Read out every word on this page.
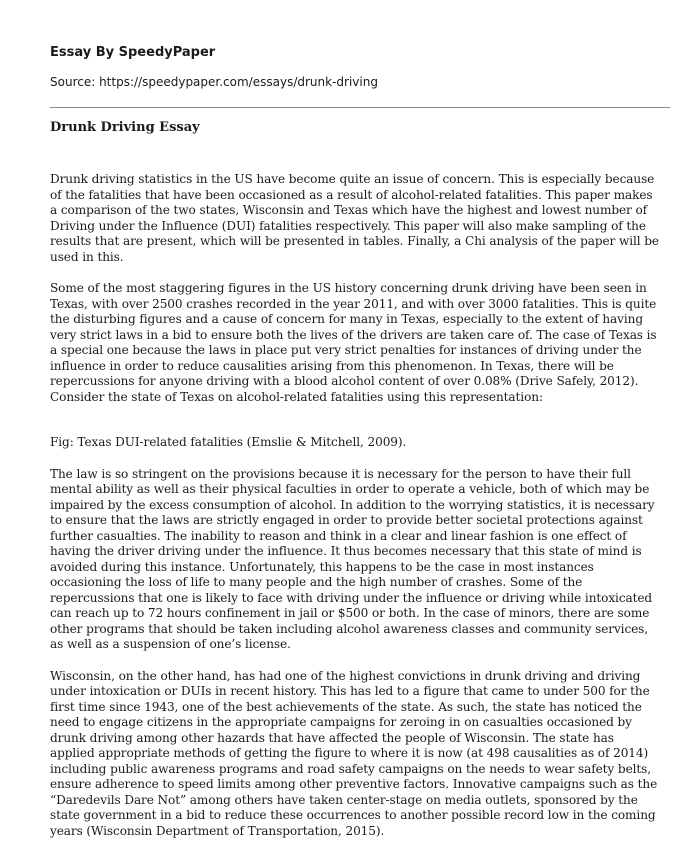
Essay By SpeedyPaper

Source: https://speedypaper.com/essays/drunk-driving

Drunk Driving Essay

Drunk driving statistics in the US have become quite an issue of concern. This is especially because of the fatalities that have been occasioned as a result of alcohol-related fatalities. This paper makes a comparison of the two states, Wisconsin and Texas which have the highest and lowest number of Driving under the Influence (DUI) fatalities respectively. This paper will also make sampling of the results that are present, which will be presented in tables. Finally, a Chi analysis of the paper will be used in this.

Some of the most staggering figures in the US history concerning drunk driving have been seen in Texas, with over 2500 crashes recorded in the year 2011, and with over 3000 fatalities. This is quite the disturbing figures and a cause of concern for many in Texas, especially to the extent of having very strict laws in a bid to ensure both the lives of the drivers are taken care of. The case of Texas is a special one because the laws in place put very strict penalties for instances of driving under the influence in order to reduce causalities arising from this phenomenon. In Texas, there will be repercussions for anyone driving with a blood alcohol content of over 0.08% (Drive Safely, 2012). Consider the state of Texas on alcohol-related fatalities using this representation:

Fig: Texas DUI-related fatalities (Emslie & Mitchell, 2009).

The law is so stringent on the provisions because it is necessary for the person to have their full mental ability as well as their physical faculties in order to operate a vehicle, both of which may be impaired by the excess consumption of alcohol. In addition to the worrying statistics, it is necessary to ensure that the laws are strictly engaged in order to provide better societal protections against further casualties. The inability to reason and think in a clear and linear fashion is one effect of having the driver driving under the influence. It thus becomes necessary that this state of mind is avoided during this instance. Unfortunately, this happens to be the case in most instances occasioning the loss of life to many people and the high number of crashes. Some of the repercussions that one is likely to face with driving under the influence or driving while intoxicated can reach up to 72 hours confinement in jail or $500 or both. In the case of minors, there are some other programs that should be taken including alcohol awareness classes and community services, as well as a suspension of one’s license.

Wisconsin, on the other hand, has had one of the highest convictions in drunk driving and driving under intoxication or DUIs in recent history. This has led to a figure that came to under 500 for the first time since 1943, one of the best achievements of the state. As such, the state has noticed the need to engage citizens in the appropriate campaigns for zeroing in on casualties occasioned by drunk driving among other hazards that have affected the people of Wisconsin. The state has applied appropriate methods of getting the figure to where it is now (at 498 causalities as of 2014) including public awareness programs and road safety campaigns on the needs to wear safety belts, ensure adherence to speed limits among other preventive factors. Innovative campaigns such as the “Daredevils Dare Not” among others have taken center-stage on media outlets, sponsored by the state government in a bid to reduce these occurrences to another possible record low in the coming years (Wisconsin Department of Transportation, 2015).
